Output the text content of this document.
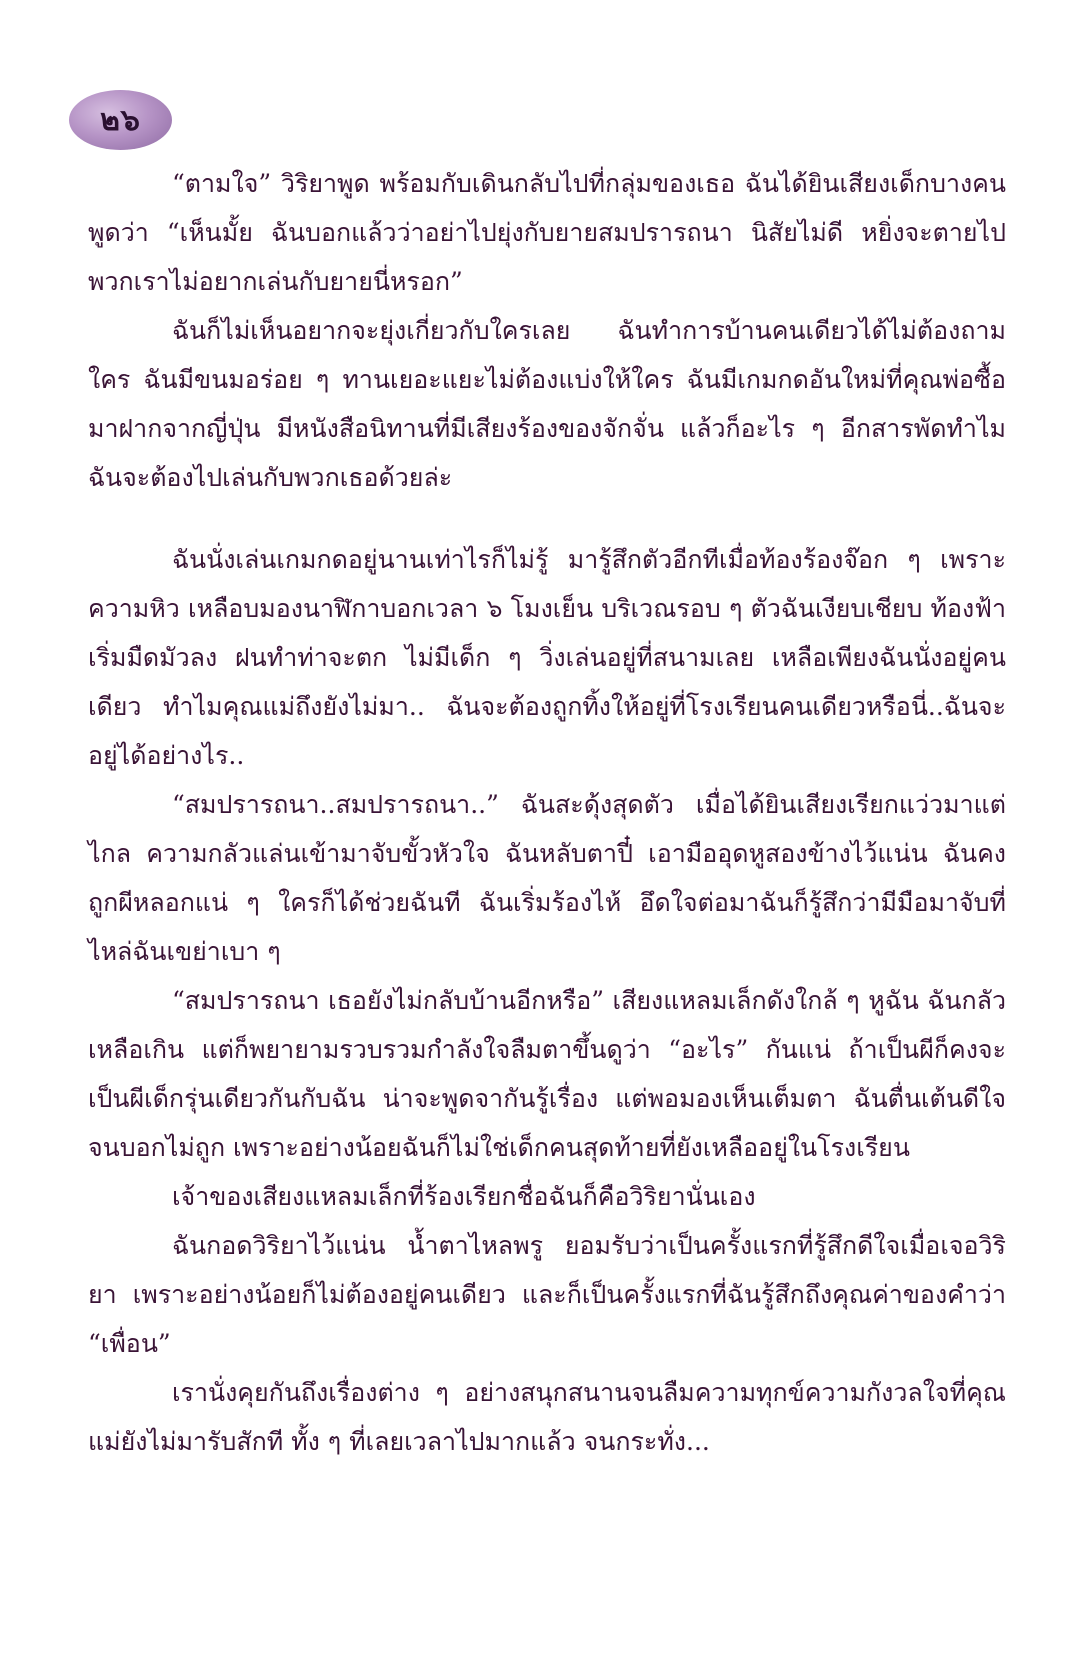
๒๖

“ตามใจ” วิริยาพูด พร้อมกับเดินกลับไปที่กลุ่มของเธอ ฉันได้ยินเสียงเด็กบางคนพูดว่า “เห็นมั้ย ฉันบอกแล้วว่าอย่าไปยุ่งกับยายสมปรารถนา นิสัยไม่ดี หยิ่งจะตายไป พวกเราไม่อยากเล่นกับยายนี่หรอก”

ฉันก็ไม่เห็นอยากจะยุ่งเกี่ยวกับใครเลย ฉันทำการบ้านคนเดียวได้ไม่ต้องถามใคร ฉันมีขนมอร่อย ๆ ทานเยอะแยะไม่ต้องแบ่งให้ใคร ฉันมีเกมกดอันใหม่ที่คุณพ่อซื้อมาฝากจากญี่ปุ่น มีหนังสือนิทานที่มีเสียงร้องของจักจั่น แล้วก็อะไร ๆ อีกสารพัดทำไมฉันจะต้องไปเล่นกับพวกเธอด้วยล่ะ

ฉันนั่งเล่นเกมกดอยู่นานเท่าไรก็ไม่รู้ มารู้สึกตัวอีกทีเมื่อท้องร้องจ๊อก ๆ เพราะความหิว เหลือบมองนาฬิกาบอกเวลา ๖ โมงเย็น บริเวณรอบ ๆ ตัวฉันเงียบเชียบ ท้องฟ้าเริ่มมืดมัวลง ฝนทำท่าจะตก ไม่มีเด็ก ๆ วิ่งเล่นอยู่ที่สนามเลย เหลือเพียงฉันนั่งอยู่คนเดียว ทำไมคุณแม่ถึงยังไม่มา.. ฉันจะต้องถูกทิ้งให้อยู่ที่โรงเรียนคนเดียวหรือนี่..ฉันจะอยู่ได้อย่างไร..

“สมปรารถนา..สมปรารถนา..” ฉันสะดุ้งสุดตัว เมื่อได้ยินเสียงเรียกแว่วมาแต่ไกล ความกลัวแล่นเข้ามาจับขั้วหัวใจ ฉันหลับตาปี๋ เอามืออุดหูสองข้างไว้แน่น ฉันคงถูกผีหลอกแน่ ๆ ใครก็ได้ช่วยฉันที ฉันเริ่มร้องไห้ อึดใจต่อมาฉันก็รู้สึกว่ามีมือมาจับที่ไหล่ฉันเขย่าเบา ๆ

“สมปรารถนา เธอยังไม่กลับบ้านอีกหรือ” เสียงแหลมเล็กดังใกล้ ๆ หูฉัน ฉันกลัวเหลือเกิน แต่ก็พยายามรวบรวมกำลังใจลืมตาขึ้นดูว่า “อะไร” กันแน่ ถ้าเป็นผีก็คงจะเป็นผีเด็กรุ่นเดียวกันกับฉัน น่าจะพูดจากันรู้เรื่อง แต่พอมองเห็นเต็มตา ฉันตื่นเต้นดีใจจนบอกไม่ถูก เพราะอย่างน้อยฉันก็ไม่ใช่เด็กคนสุดท้ายที่ยังเหลืออยู่ในโรงเรียน

เจ้าของเสียงแหลมเล็กที่ร้องเรียกชื่อฉันก็คือวิริยานั่นเอง

ฉันกอดวิริยาไว้แน่น น้ำตาไหลพรู ยอมรับว่าเป็นครั้งแรกที่รู้สึกดีใจเมื่อเจอวิริยา เพราะอย่างน้อยก็ไม่ต้องอยู่คนเดียว และก็เป็นครั้งแรกที่ฉันรู้สึกถึงคุณค่าของคำว่า “เพื่อน”

เรานั่งคุยกันถึงเรื่องต่าง ๆ อย่างสนุกสนานจนลืมความทุกข์ความกังวลใจที่คุณแม่ยังไม่มารับสักที ทั้ง ๆ ที่เลยเวลาไปมากแล้ว จนกระทั่ง...
